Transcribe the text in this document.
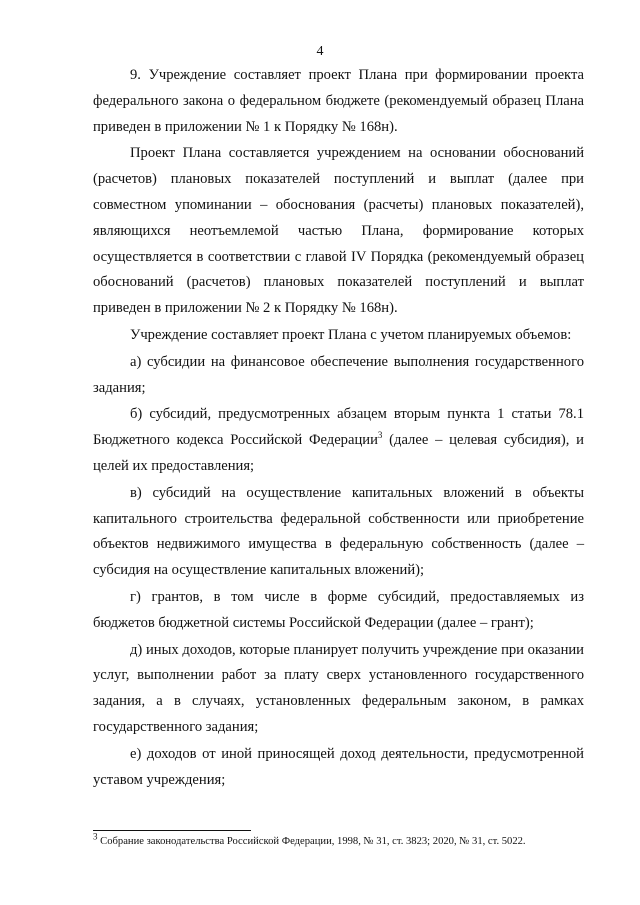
4

9. Учреждение составляет проект Плана при формировании проекта федерального закона о федеральном бюджете (рекомендуемый образец Плана приведен в приложении № 1 к Порядку № 168н).

Проект Плана составляется учреждением на основании обоснований (расчетов) плановых показателей поступлений и выплат (далее при совместном упоминании – обоснования (расчеты) плановых показателей), являющихся неотъемлемой частью Плана, формирование которых осуществляется в соответствии с главой IV Порядка (рекомендуемый образец обоснований (расчетов) плановых показателей поступлений и выплат приведен в приложении № 2 к Порядку № 168н).

Учреждение составляет проект Плана с учетом планируемых объемов:

а) субсидии на финансовое обеспечение выполнения государственного задания;

б) субсидий, предусмотренных абзацем вторым пункта 1 статьи 78.1 Бюджетного кодекса Российской Федерации$^3$ (далее – целевая субсидия), и целей их предоставления;

в) субсидий на осуществление капитальных вложений в объекты капитального строительства федеральной собственности или приобретение объектов недвижимого имущества в федеральную собственность (далее – субсидия на осуществление капитальных вложений);

г) грантов, в том числе в форме субсидий, предоставляемых из бюджетов бюджетной системы Российской Федерации (далее – грант);

д) иных доходов, которые планирует получить учреждение при оказании услуг, выполнении работ за плату сверх установленного государственного задания, а в случаях, установленных федеральным законом, в рамках государственного задания;

е) доходов от иной приносящей доход деятельности, предусмотренной уставом учреждения;

$^3$ Собрание законодательства Российской Федерации, 1998, № 31, ст. 3823; 2020, № 31, ст. 5022.
